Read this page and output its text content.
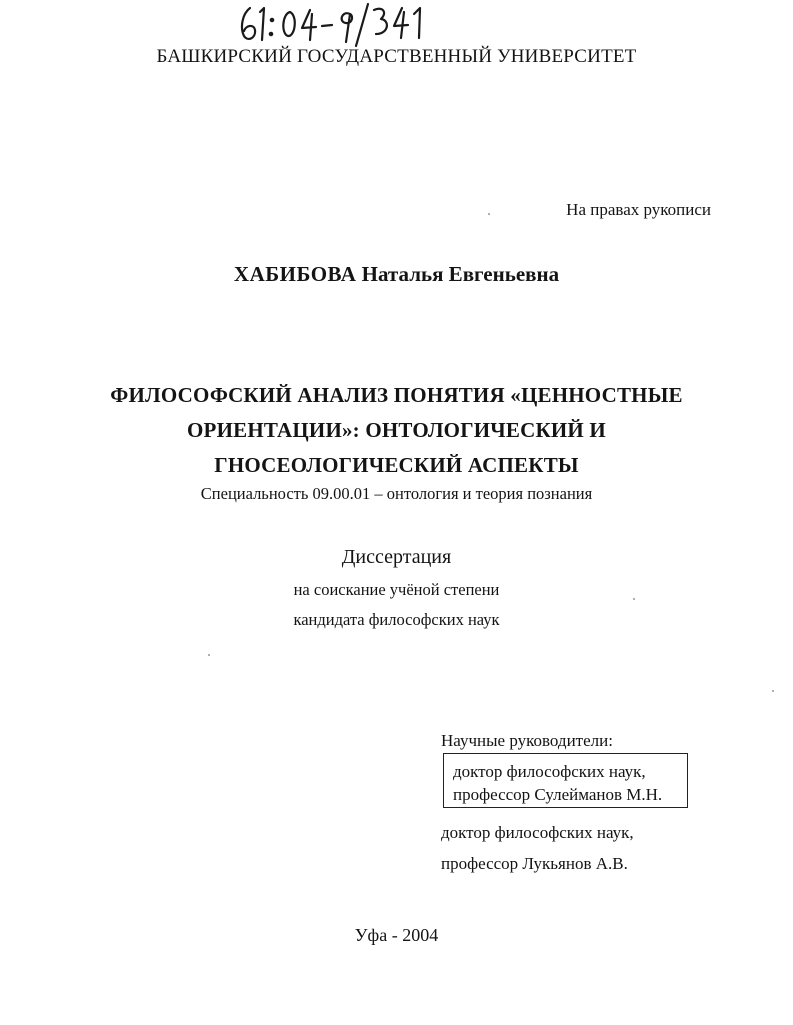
БАШКИРСКИЙ ГОСУДАРСТВЕННЫЙ УНИВЕРСИТЕТ
На правах рукописи
ХАБИБОВА Наталья Евгеньевна
ФИЛОСОФСКИЙ АНАЛИЗ ПОНЯТИЯ «ЦЕННОСТНЫЕ
ОРИЕНТАЦИИ»: ОНТОЛОГИЧЕСКИЙ И
ГНОСЕОЛОГИЧЕСКИЙ АСПЕКТЫ
Специальность 09.00.01 – онтология и теория познания
Диссертация
на соискание учёной степени
кандидата философских наук
Научные руководители:
доктор философских наук,
профессор Сулейманов М.Н.
доктор философских наук,
профессор Лукьянов А.В.
Уфа - 2004
